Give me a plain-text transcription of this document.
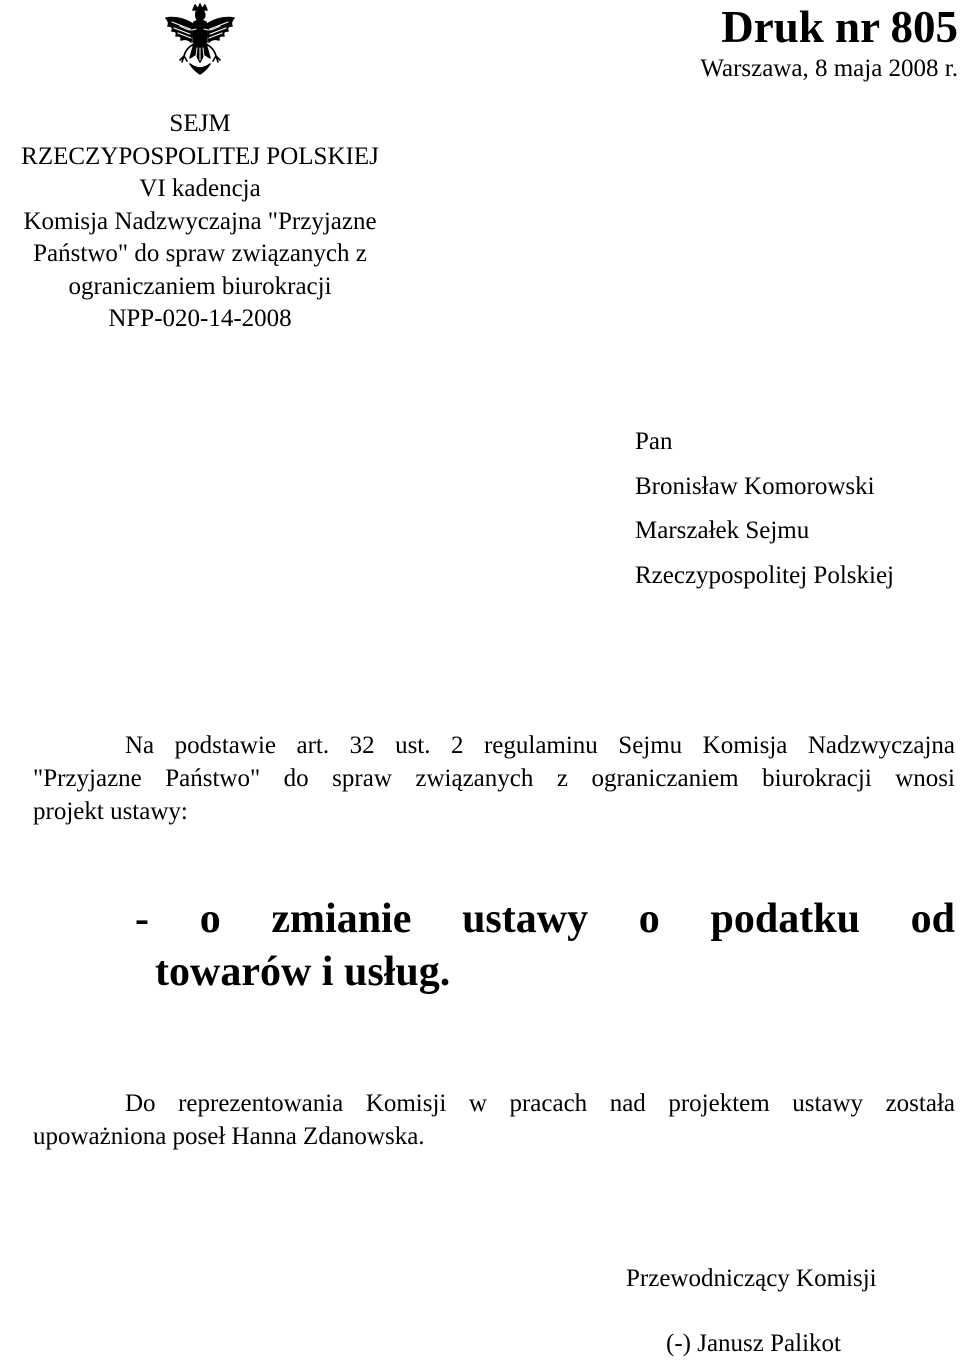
Druk nr 805
Warszawa, 8 maja 2008 r.
SEJM
RZECZYPOSPOLITEJ POLSKIEJ
VI kadencja
Komisja Nadzwyczajna "Przyjazne
Państwo" do spraw związanych z
ograniczaniem biurokracji
NPP-020-14-2008
Pan
Bronisław Komorowski
Marszałek Sejmu
Rzeczypospolitej Polskiej
Na podstawie art. 32 ust. 2 regulaminu Sejmu Komisja Nadzwyczajna
"Przyjazne Państwo" do spraw związanych z ograniczaniem biurokracji wnosi
projekt ustawy:
- o zmianie ustawy o podatku od
towarów i usług.
Do reprezentowania Komisji w pracach nad projektem ustawy została
upoważniona poseł Hanna Zdanowska.
Przewodniczący Komisji
(-) Janusz Palikot
